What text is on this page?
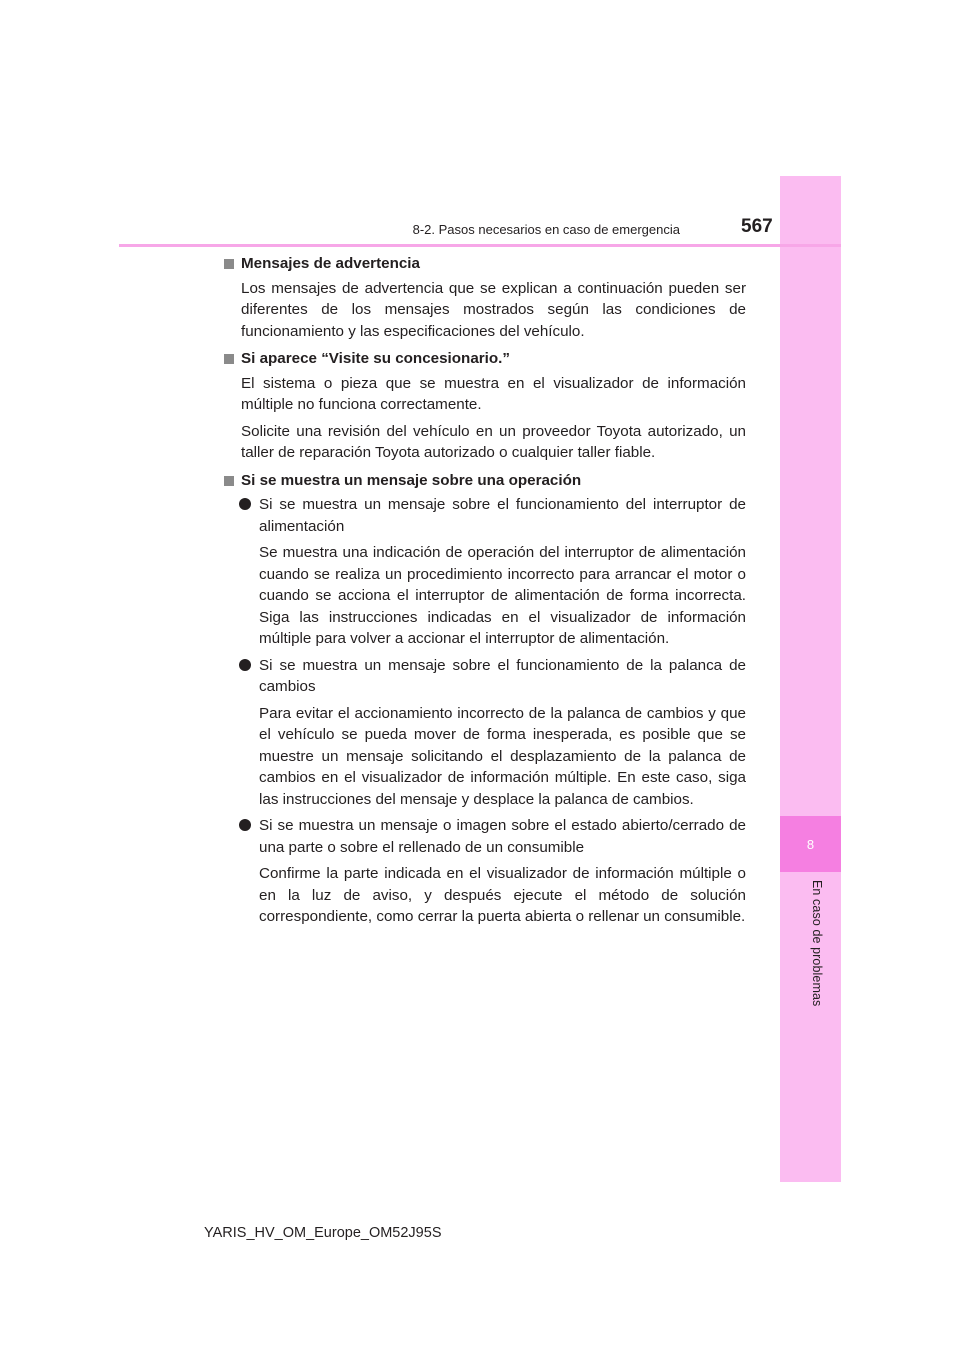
8
En caso de problemas
8-2. Pasos necesarios en caso de emergencia	567
Mensajes de advertencia

Los mensajes de advertencia que se explican a continuación pueden ser diferentes de los mensajes mostrados según las condiciones de funcionamiento y las especificaciones del vehículo.

Si aparece “Visite su concesionario.”

El sistema o pieza que se muestra en el visualizador de información múltiple no funciona correctamente.

Solicite una revisión del vehículo en un proveedor Toyota autorizado, un taller de reparación Toyota autorizado o cualquier taller fiable.

Si se muestra un mensaje sobre una operación
Si se muestra un mensaje sobre el funcionamiento del interruptor de alimentación

Se muestra una indicación de operación del interruptor de alimentación cuando se realiza un procedimiento incorrecto para arrancar el motor o cuando se acciona el interruptor de alimentación de forma incorrecta. Siga las instrucciones indicadas en el visualizador de información múltiple para volver a accionar el interruptor de alimentación.

Si se muestra un mensaje sobre el funcionamiento de la palanca de cambios

Para evitar el accionamiento incorrecto de la palanca de cambios y que el vehículo se pueda mover de forma inesperada, es posible que se muestre un mensaje solicitando el desplazamiento de la palanca de cambios en el visualizador de información múltiple. En este caso, siga las instrucciones del mensaje y desplace la palanca de cambios.

Si se muestra un mensaje o imagen sobre el estado abierto/cerrado de una parte o sobre el rellenado de un consumible

Confirme la parte indicada en el visualizador de información múltiple o en la luz de aviso, y después ejecute el método de solución correspondiente, como cerrar la puerta abierta o rellenar un consumible.

YARIS_HV_OM_Europe_OM52J95S
